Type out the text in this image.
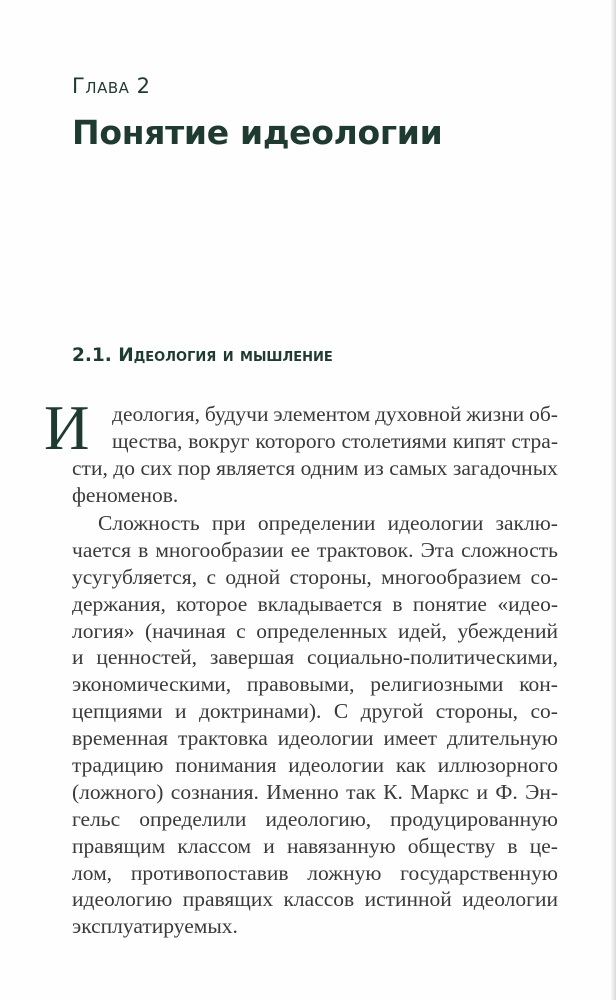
Глава 2
Понятие идеологии
2.1. Идеология и мышление
И деология, будучи элементом духовной жизни об-
щества, вокруг которого столетиями кипят стра-
сти, до сих пор является одним из самых загадочных
феноменов.
Сложность при определении идеологии заклю-
чается в многообразии ее трактовок. Эта сложность
усугубляется, с одной стороны, многообразием со-
держания, которое вкладывается в понятие «идео-
логия» (начиная с определенных идей, убеждений
и ценностей, завершая социально-политическими,
экономическими, правовыми, религиозными кон-
цепциями и доктринами). С другой стороны, со-
временная трактовка идеологии имеет длительную
традицию понимания идеологии как иллюзорного
(ложного) сознания. Именно так К. Маркс и Ф. Эн-
гельс определили идеологию, продуцированную
правящим классом и навязанную обществу в це-
лом, противопоставив ложную государственную
идеологию правящих классов истинной идеологии
эксплуатируемых.
